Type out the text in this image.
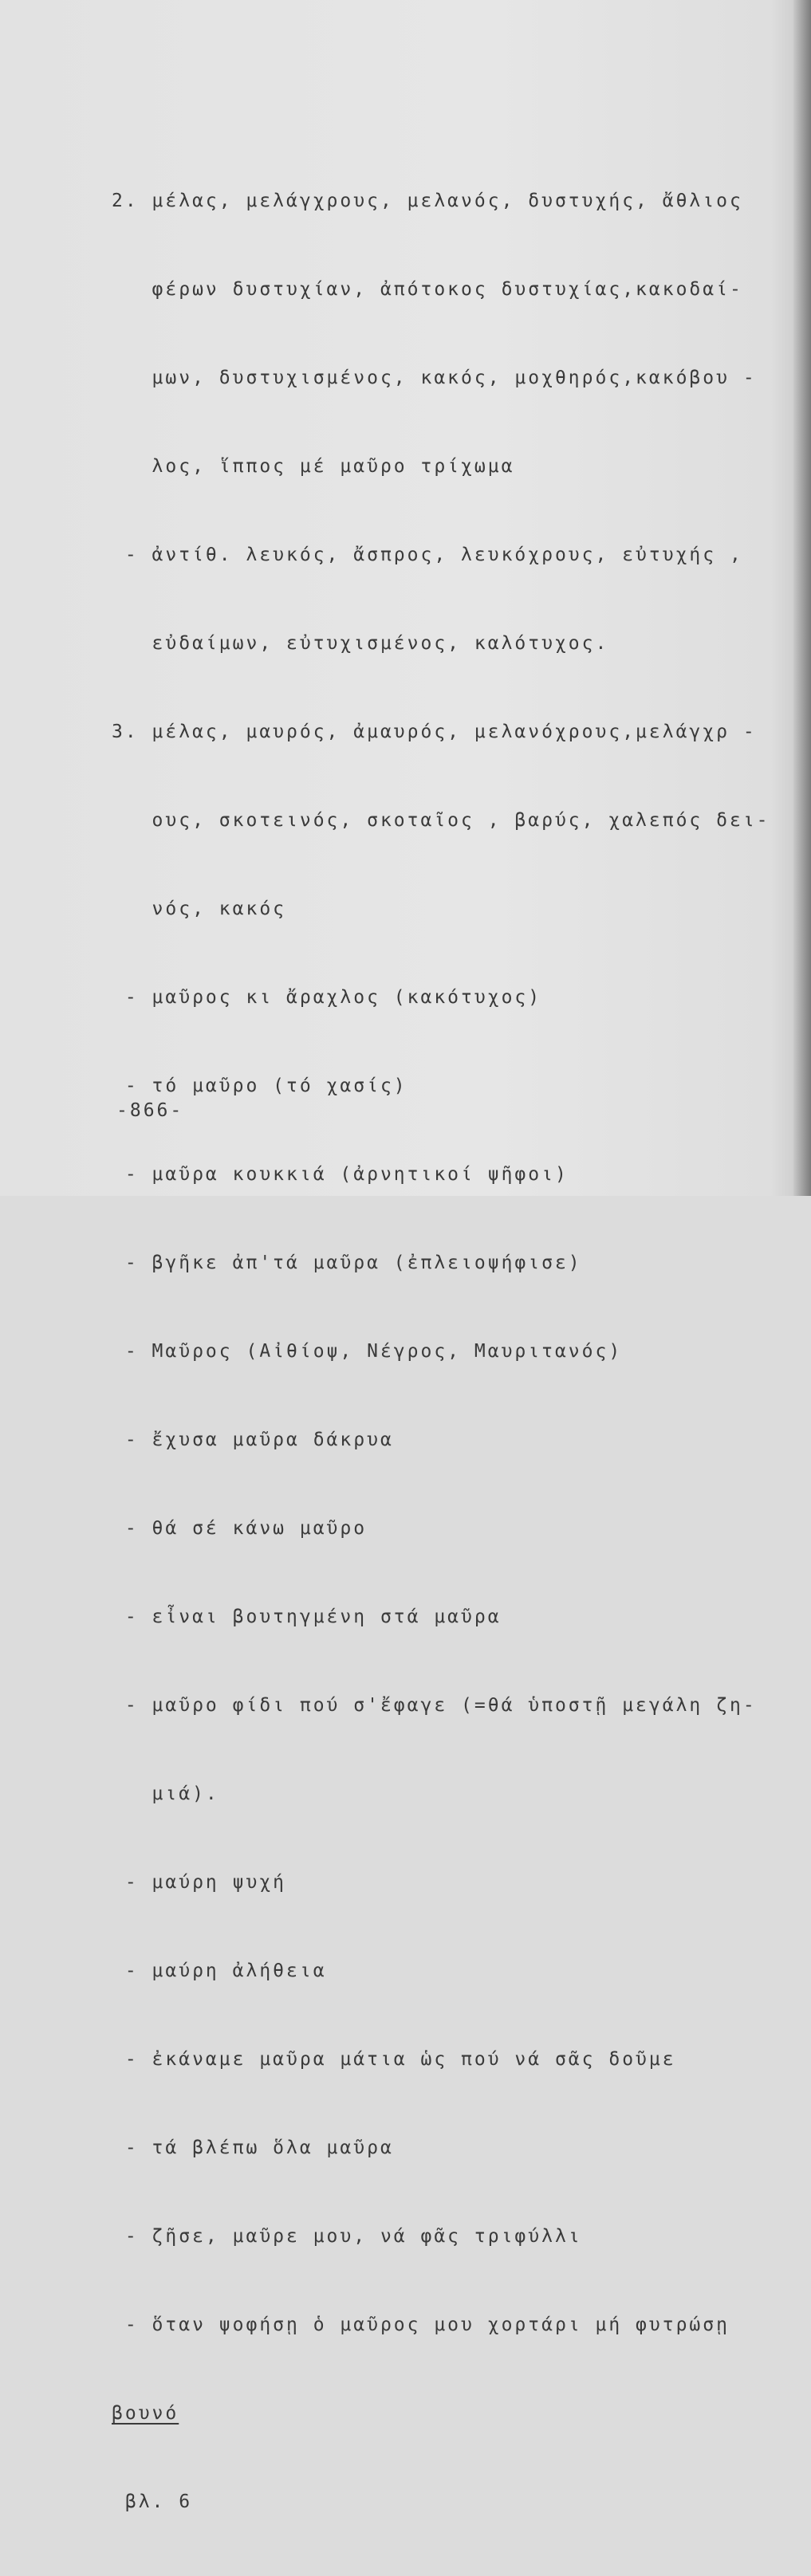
2. μέλας, μελάγχρους, μελανός, δυστυχής, ἄθλιος

φέρων δυστυχίαν, ἀπότοκος δυστυχίας,κακοδαί-

μων, δυστυχισμένος, κακός, μοχθηρός,κακόβου -

λος, ἵππος μέ μαῦρο τρίχωμα

- ἀντίθ. λευκός, ἄσπρος, λευκόχρους, εὐτυχής ,

εὐδαίμων, εὐτυχισμένος, καλότυχος.

3. μέλας, μαυρός, ἀμαυρός, μελανόχρους,μελάγχρ -

ους, σκοτεινός, σκοταῖος , βαρύς, χαλεπός δει-

νός, κακός

- μαῦρος κι ἄραχλος (κακότυχος)

- τό μαῦρο (τό χασίς)

- μαῦρα κουκκιά (ἀρνητικοί ψῆφοι)

- βγῆκε ἀπ'τά μαῦρα (ἐπλειοψήφισε)

- Μαῦρος (Αἰθίοψ, Νέγρος, Μαυριτανός)

- ἔχυσα μαῦρα δάκρυα

- θά σέ κάνω μαῦρο

- εἶναι βουτηγμένη στά μαῦρα

- μαῦρο φίδι πού σ'ἔφαγε (=θά ὑποστῇ μεγάλη ζη-

μιά).

- μαύρη ψυχή

- μαύρη ἀλήθεια

- ἐκάναμε μαῦρα μάτια ὡς πού νά σᾶς δοῦμε

- τά βλέπω ὅλα μαῦρα

- ζῆσε, μαῦρε μου, νά φᾶς τριφύλλι

- ὅταν ψοφήσῃ ὁ μαῦρος μου χορτάρι μή φυτρώσῃ

βουνό

βλ. 6

-866-
